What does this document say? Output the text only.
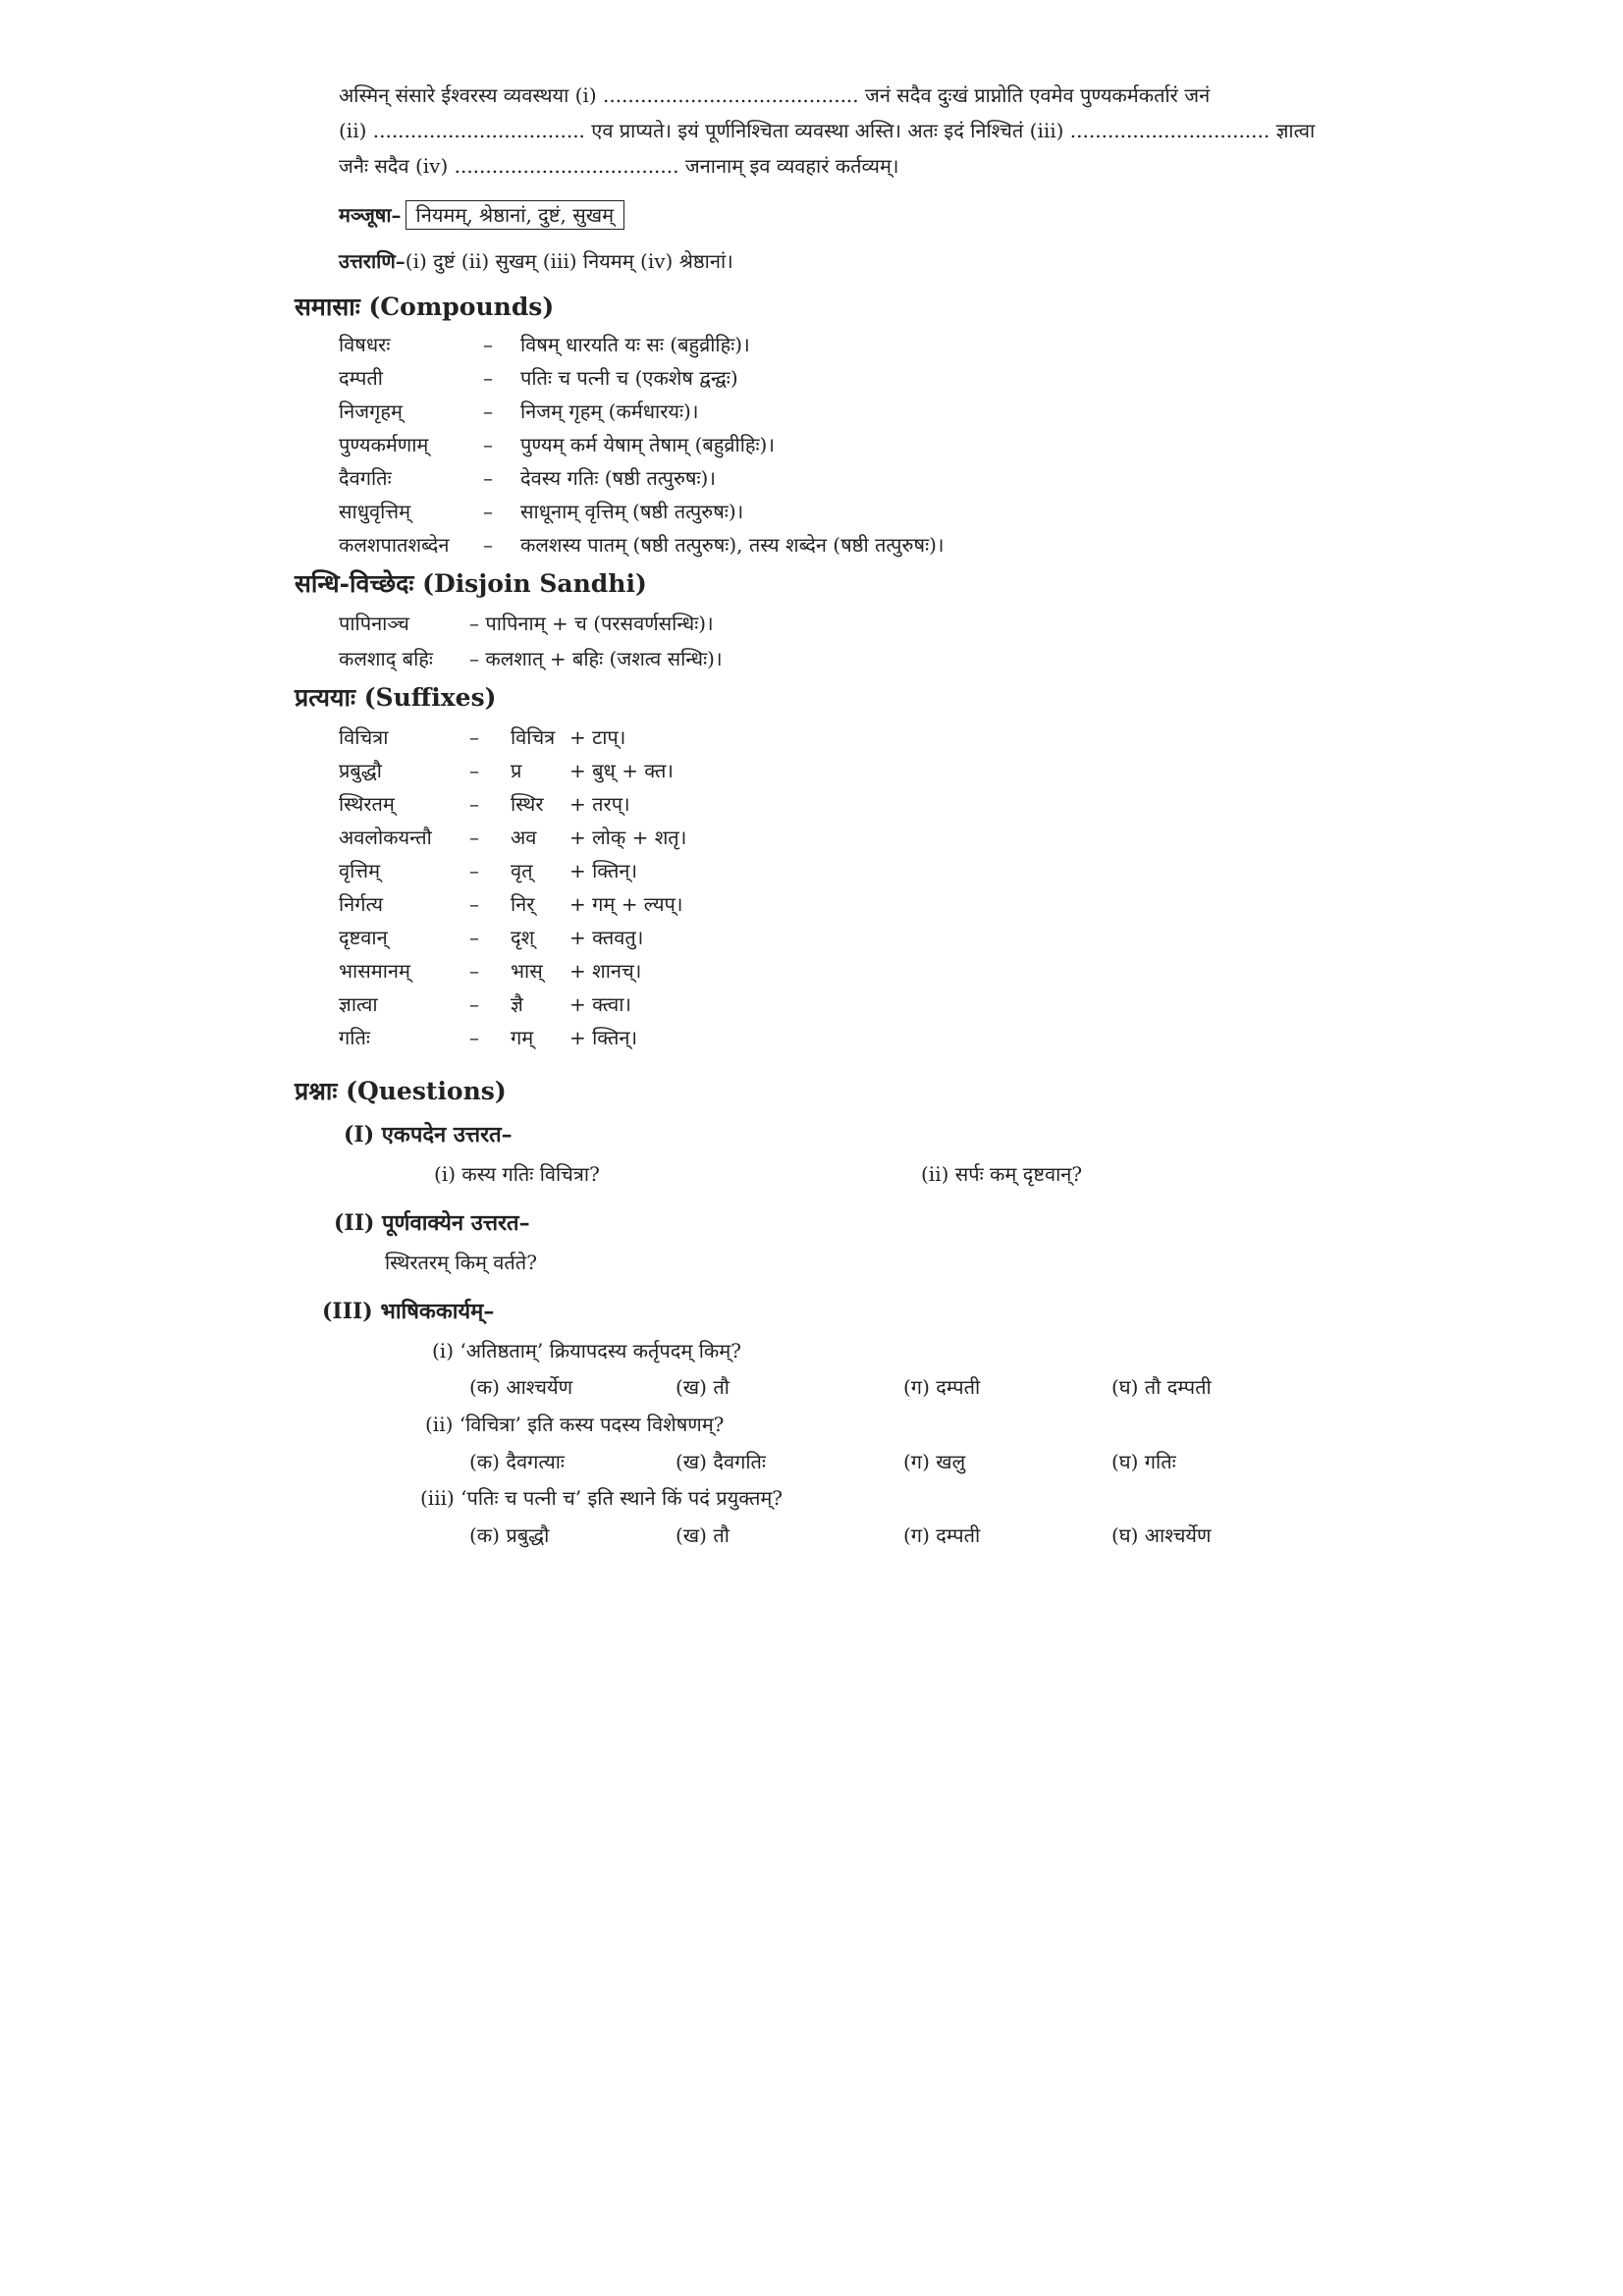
अस्मिन् संसारे ईश्वरस्य व्यवस्थया (i) ......................................... जनं सदैव दुःखं प्राप्नोति एवमेव पुण्यकर्मकर्तारं जनं
(ii) .................................. एव प्राप्यते। इयं पूर्णनिश्चिता व्यवस्था अस्ति। अतः इदं निश्चितं (iii) ................................ ज्ञात्वा
जनैः सदैव (iv) .................................... जनानाम् इव व्यवहारं कर्तव्यम्।
मञ्जूषा– नियमम्, श्रेष्ठानां, दुष्टं, सुखम्
उत्तराणि–(i) दुष्टं (ii) सुखम् (iii) नियमम् (iv) श्रेष्ठानां।
समासाः (Compounds)
विषधरः	– विषम् धारयति यः सः (बहुव्रीहिः)।
दम्पती	– पतिः च पत्नी च (एकशेष द्वन्द्वः)
निजगृहम्	– निजम् गृहम् (कर्मधारयः)।
पुण्यकर्मणाम्	– पुण्यम् कर्म येषाम् तेषाम् (बहुव्रीहिः)।
दैवगतिः	– देवस्य गतिः (षष्ठी तत्पुरुषः)।
साधुवृत्तिम्	– साधूनाम् वृत्तिम् (षष्ठी तत्पुरुषः)।
कलशपातशब्देन – कलशस्य पातम् (षष्ठी तत्पुरुषः), तस्य शब्देन (षष्ठी तत्पुरुषः)।
सन्धि-विच्छेदः (Disjoin Sandhi)
पापिनाञ्च	– पापिनाम् + च (परसवर्णसन्धिः)।
कलशाद् बहिः – कलशात् + बहिः (जशत्व सन्धिः)।
प्रत्ययाः (Suffixes)
विचित्रा	– विचित्र + टाप्।
प्रबुद्धौ	– प्र + बुध् + क्त।
स्थिरतम्	– स्थिर + तरप्।
अवलोकयन्तौ – अव + लोक् + शतृ।
वृत्तिम्	– वृत् + क्तिन्।
निर्गत्य	– निर् + गम् + ल्यप्।
दृष्टवान्	– दृश् + क्तवतु।
भासमानम्	– भास् + शानच्।
ज्ञात्वा	– ज्ञै + क्त्वा।
गतिः	– गम् + क्तिन्।
प्रश्नाः (Questions)
(I) एकपदेन उत्तरत–
(i) कस्य गतिः विचित्रा?	(ii) सर्पः कम् दृष्टवान्?
(II) पूर्णवाक्येन उत्तरत–
स्थिरतरम् किम् वर्तते?
(III) भाषिककार्यम्–
(i) ‘अतिष्ठताम्’ क्रियापदस्य कर्तृपदम् किम्?
(क) आश्चर्येण	(ख) तौ	(ग) दम्पती	(घ) तौ दम्पती
(ii) ‘विचित्रा’ इति कस्य पदस्य विशेषणम्?
(क) दैवगत्याः	(ख) दैवगतिः	(ग) खलु	(घ) गतिः
(iii) ‘पतिः च पत्नी च’ इति स्थाने किं पदं प्रयुक्तम्?
(क) प्रबुद्धौ	(ख) तौ	(ग) दम्पती	(घ) आश्चर्येण
